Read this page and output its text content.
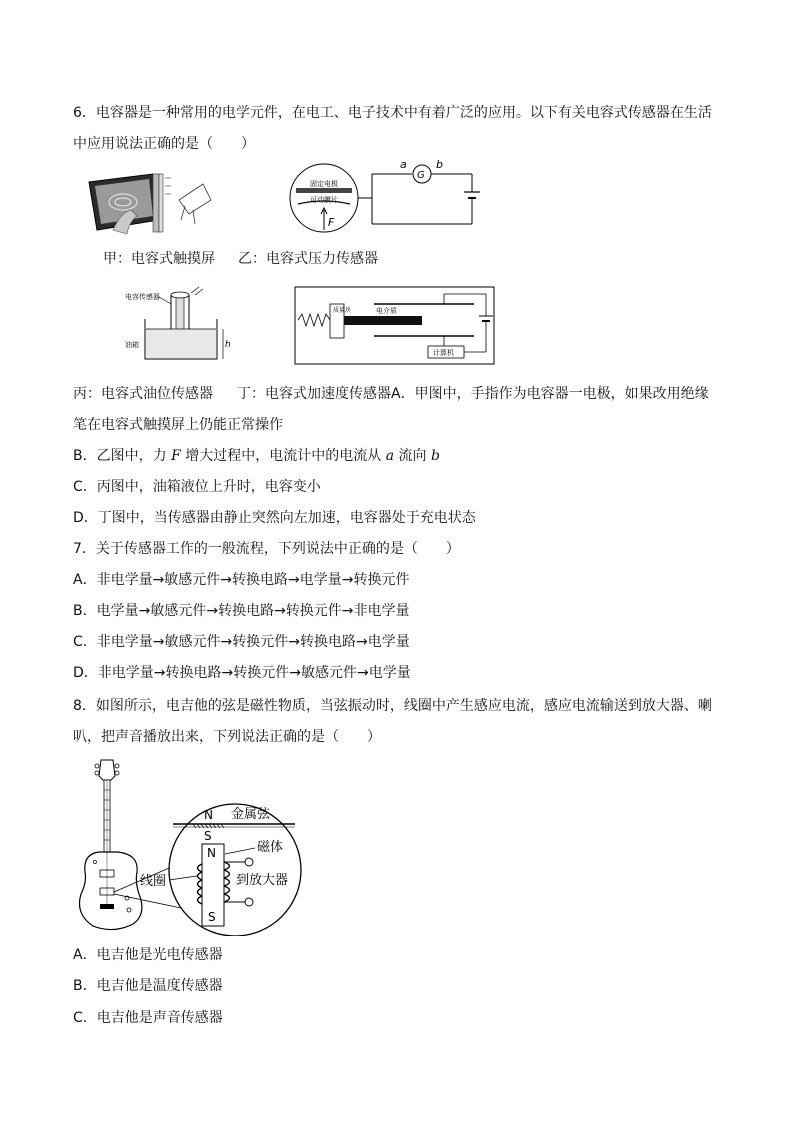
6．电容器是一种常用的电学元件，在电工、电子技术中有着广泛的应用。以下有关电容式传感器在生活
中应用说法正确的是（　　）
固定电极
可动膜片
F
G
a	b
甲：电容式触摸屏 乙：电容式压力传感器
电容传感器
油箱	h
质量块	电介质
计算机
丙：电容式油位传感器 丁：电容式加速度传感器A．甲图中，手指作为电容器一电极，如果改用绝缘
笔在电容式触摸屏上仍能正常操作
B．乙图中，力 F 增大过程中，电流计中的电流从 a 流向 b
C．丙图中，油箱液位上升时，电容变小
D．丁图中，当传感器由静止突然向左加速，电容器处于充电状态
7．关于传感器工作的一般流程，下列说法中正确的是（　　）
A．非电学量→敏感元件→转换电路→电学量→转换元件
B．电学量→敏感元件→转换电路→转换元件→非电学量
C．非电学量→敏感元件→转换元件→转换电路→电学量
D．非电学量→转换电路→转换元件→敏感元件→电学量
8．如图所示，电吉他的弦是磁性物质，当弦振动时，线圈中产生感应电流，感应电流输送到放大器、喇
叭，把声音播放出来，下列说法正确的是（　　）
N 金属弦
S
N
S
磁体
到放大器
线圈
A．电吉他是光电传感器
B．电吉他是温度传感器
C．电吉他是声音传感器
